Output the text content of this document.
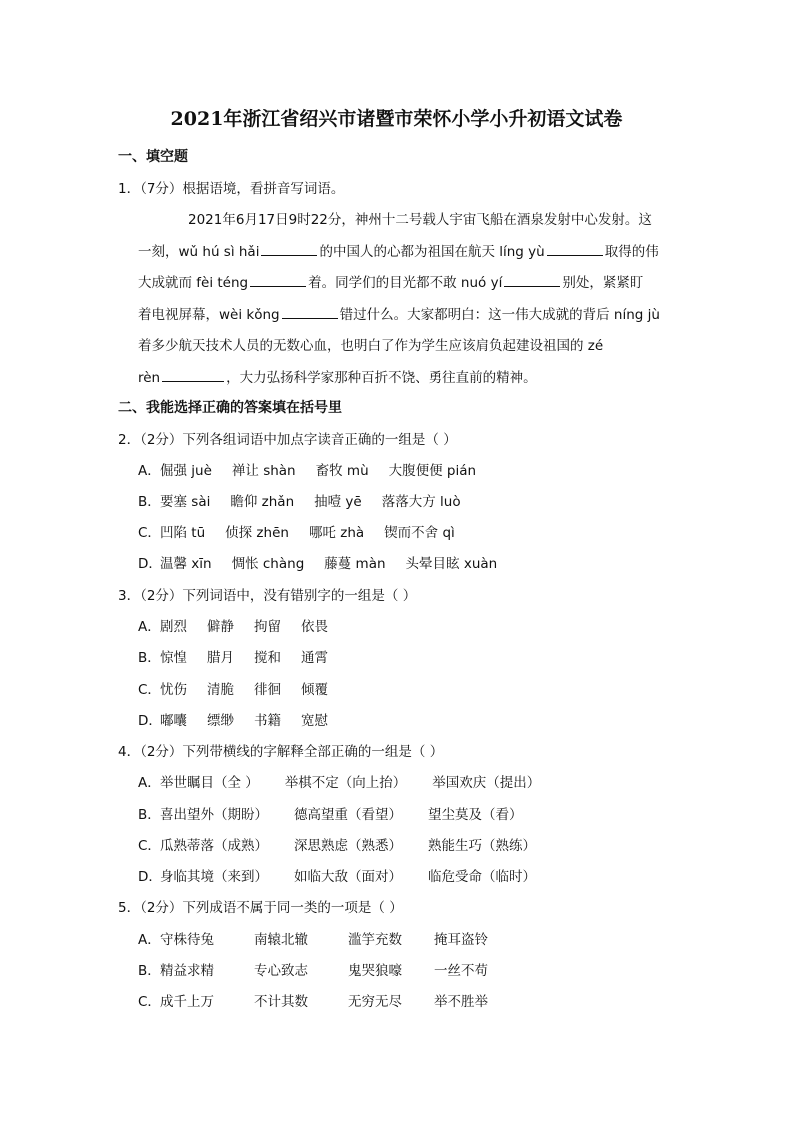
2021年浙江省绍兴市诸暨市荣怀小学小升初语文试卷
一、填空题
1．（7分）根据语境，看拼音写词语。
2021年6月17日9时22分，神州十二号载人宇宙飞船在酒泉发射中心发射。这
一刻，wǔ hú sì hǎi	的中国人的心都为祖国在航天 líng yù	取得的伟
大成就而 fèi téng	着。同学们的目光都不敢 nuó yí	别处，紧紧盯
着电视屏幕，wèi kǒng	错过什么。大家都明白：这一伟大成就的背后 níng jù
着多少航天技术人员的无数心血，也明白了作为学生应该肩负起建设祖国的 zé
rèn	，大力弘扬科学家那种百折不饶、勇往直前的精神。
二、我能选择正确的答案填在括号里
2．（2分）下列各组词语中加点字读音正确的一组是（ ）
A．倔强 juè 禅让 shàn 畜牧 mù 大腹便便 pián
B．要塞 sài 瞻仰 zhǎn 抽噎 yē 落落大方 luò
C．凹陷 tū 侦探 zhēn 哪吒 zhà 锲而不舍 qì
D．温馨 xīn 惆怅 chàng 藤蔓 màn 头晕目眩 xuàn
3．（2分）下列词语中，没有错别字的一组是（ ）
A．剧烈 僻静 拘留 依畏
B．惊惶 腊月 搅和 通霄
C．忧伤 清脆 徘徊 倾覆
D．嘟囔 缥缈 书籍 宽慰
4．（2分）下列带横线的字解释全部正确的一组是（ ）
A．举世瞩目（全 ） 举棋不定（向上抬） 举国欢庆（提出）
B．喜出望外（期盼） 德高望重（看望） 望尘莫及（看）
C．瓜熟蒂落（成熟） 深思熟虑（熟悉） 熟能生巧（熟练）
D．身临其境（来到） 如临大敌（面对） 临危受命（临时）
5．（2分）下列成语不属于同一类的一项是（ ）
A．守株待兔	南辕北辙	滥竽充数 掩耳盗铃
B．精益求精	专心致志	鬼哭狼嚎 一丝不苟
C．成千上万	不计其数	无穷无尽 举不胜举
